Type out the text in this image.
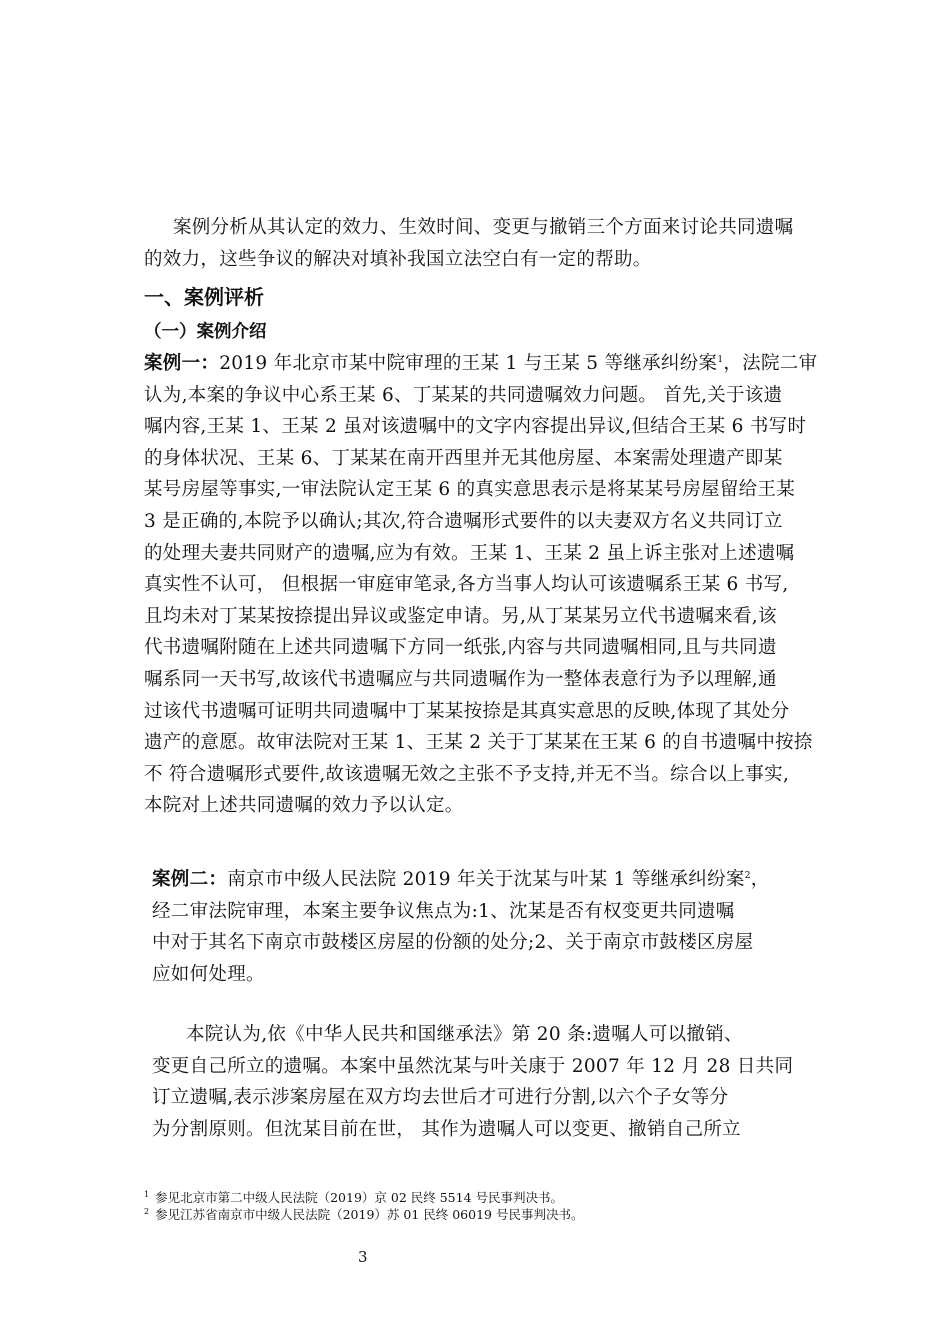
案例分析从其认定的效力、生效时间、变更与撤销三个方面来讨论共同遗嘱
的效力，这些争议的解决对填补我国立法空白有一定的帮助。
一、案例评析
（一）案例介绍
案例一：2019 年北京市某中院审理的王某 1 与王某 5 等继承纠纷案$^1$，法院二审
认为,本案的争议中心系王某 6、丁某某的共同遗嘱效力问题。 首先,关于该遗
嘱内容,王某 1、王某 2 虽对该遗嘱中的文字内容提出异议,但结合王某 6 书写时
的身体状况、王某 6、丁某某在南开西里并无其他房屋、本案需处理遗产即某
某号房屋等事实,一审法院认定王某 6 的真实意思表示是将某某号房屋留给王某
3 是正确的,本院予以确认;其次,符合遗嘱形式要件的以夫妻双方名义共同订立
的处理夫妻共同财产的遗嘱,应为有效。王某 1、王某 2 虽上诉主张对上述遗嘱
真实性不认可， 但根据一审庭审笔录,各方当事人均认可该遗嘱系王某 6 书写,
且均未对丁某某按捺提出异议或鉴定申请。另,从丁某某另立代书遗嘱来看,该
代书遗嘱附随在上述共同遗嘱下方同一纸张,内容与共同遗嘱相同,且与共同遗
嘱系同一天书写,故该代书遗嘱应与共同遗嘱作为一整体表意行为予以理解,通
过该代书遗嘱可证明共同遗嘱中丁某某按捺是其真实意思的反映,体现了其处分
遗产的意愿。故审法院对王某 1、王某 2 关于丁某某在王某 6 的自书遗嘱中按捺
不 符合遗嘱形式要件,故该遗嘱无效之主张不予支持,并无不当。综合以上事实,
本院对上述共同遗嘱的效力予以认定。
案例二：南京市中级人民法院 2019 年关于沈某与叶某 1 等继承纠纷案$^2$，
经二审法院审理，本案主要争议焦点为:1、沈某是否有权变更共同遗嘱
中对于其名下南京市鼓楼区房屋的份额的处分;2、关于南京市鼓楼区房屋
应如何处理。
本院认为,依《中华人民共和国继承法》第 20 条:遗嘱人可以撤销、
变更自己所立的遗嘱。本案中虽然沈某与叶关康于 2007 年 12 月 28 日共同
订立遗嘱,表示涉案房屋在双方均去世后才可进行分割,以六个子女等分
为分割原则。但沈某目前在世， 其作为遗嘱人可以变更、撤销自己所立
$^1$ 参见北京市第二中级人民法院（2019）京 02 民终 5514 号民事判决书。
$^2$ 参见江苏省南京市中级人民法院（2019）苏 01 民终 06019 号民事判决书。
3
